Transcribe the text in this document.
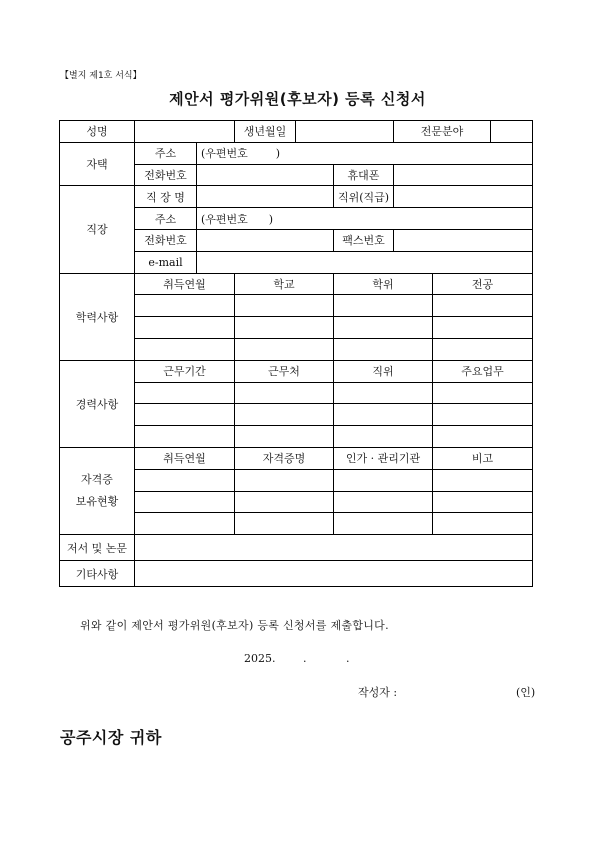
【별지 제1호 서식】
제안서 평가위원(후보자) 등록 신청서
성명			생년월일			전문분야		
자택	주소	(우편번호        )						
	전화번호				휴대폰			
직장	직 장 명				직위(직급)			
	주소	(우편번호      )						
	전화번호				팩스번호			
	e-mail							
학력사항	취득연월		학교		학위		전공	

경력사항	근무기간		근무처		직위		주요업무	

자격증
보유현황	취득연월		자격증명		인가 · 관리기관		비고	

저서 및 논문								
기타사항								
위와 같이 제안서 평가위원(후보자) 등록 신청서를 제출합니다.
2025.	.	.
작성자 :	(인)
공주시장 귀하
